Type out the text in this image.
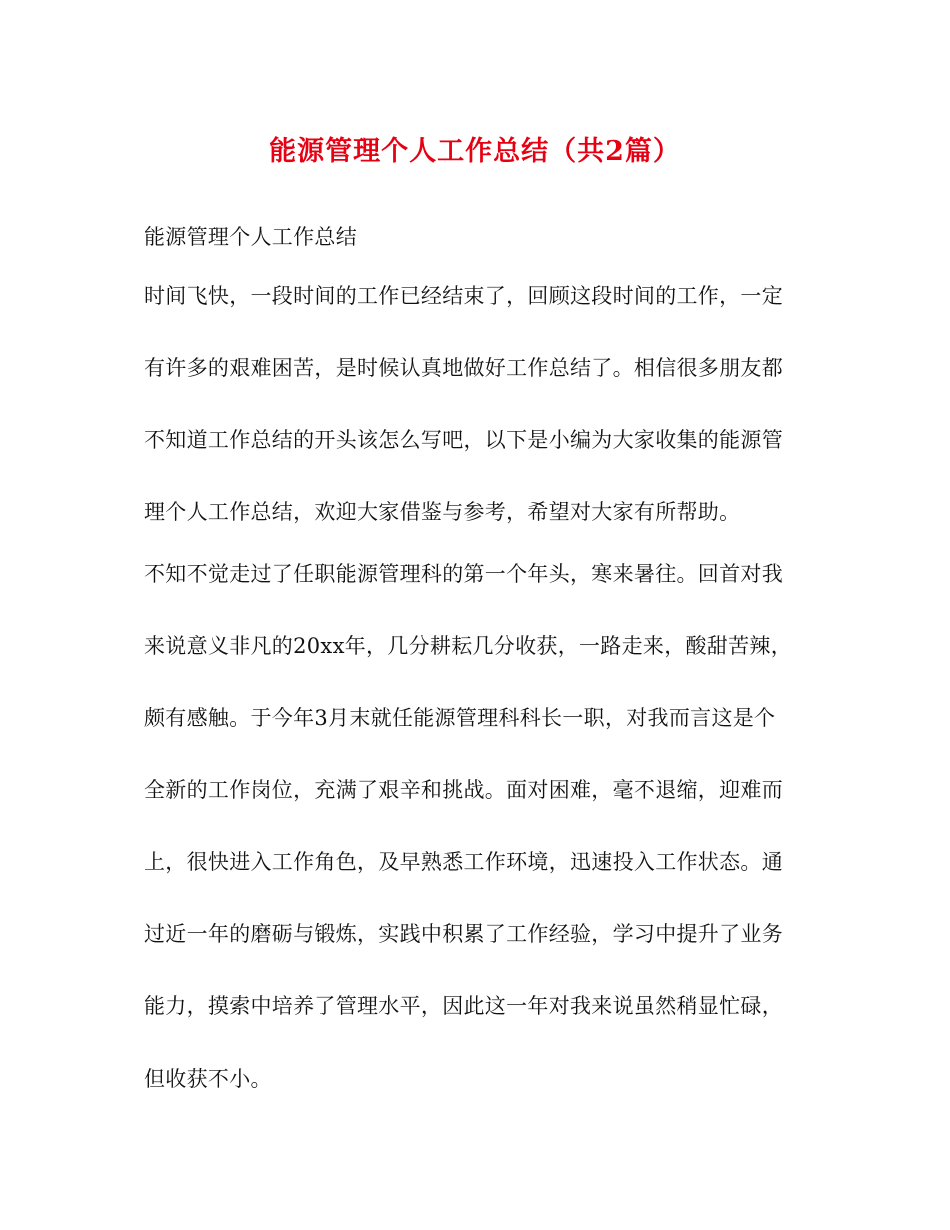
能源管理个人工作总结（共2篇）
能源管理个人工作总结
时间飞快，一段时间的工作已经结束了，回顾这段时间的工作，一定
有许多的艰难困苦，是时候认真地做好工作总结了。相信很多朋友都
不知道工作总结的开头该怎么写吧，以下是小编为大家收集的能源管
理个人工作总结，欢迎大家借鉴与参考，希望对大家有所帮助。
不知不觉走过了任职能源管理科的第一个年头，寒来暑往。回首对我
来说意义非凡的20xx年，几分耕耘几分收获，一路走来，酸甜苦辣，
颇有感触。于今年3月末就任能源管理科科长一职，对我而言这是个
全新的工作岗位，充满了艰辛和挑战。面对困难，毫不退缩，迎难而
上，很快进入工作角色，及早熟悉工作环境，迅速投入工作状态。通
过近一年的磨砺与锻炼，实践中积累了工作经验，学习中提升了业务
能力，摸索中培养了管理水平，因此这一年对我来说虽然稍显忙碌，
但收获不小。
